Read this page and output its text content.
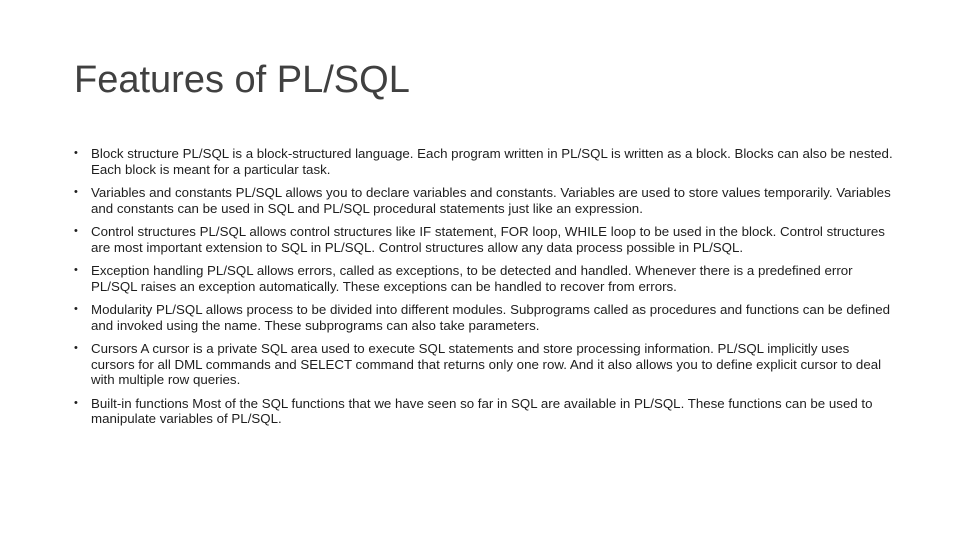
Features of PL/SQL
• Block structure PL/SQL is a block-structured language. Each program written in PL/SQL is written as a block. Blocks can also be nested. Each block is meant for a particular task.
• Variables and constants PL/SQL allows you to declare variables and constants. Variables are used to store values temporarily. Variables and constants can be used in SQL and PL/SQL procedural statements just like an expression.
• Control structures PL/SQL allows control structures like IF statement, FOR loop, WHILE loop to be used in the block. Control structures are most important extension to SQL in PL/SQL. Control structures allow any data process possible in PL/SQL.
• Exception handling PL/SQL allows errors, called as exceptions, to be detected and handled. Whenever there is a predefined error PL/SQL raises an exception automatically. These exceptions can be handled to recover from errors.
• Modularity PL/SQL allows process to be divided into different modules. Subprograms called as procedures and functions can be defined and invoked using the name. These subprograms can also take parameters.
• Cursors A cursor is a private SQL area used to execute SQL statements and store processing information. PL/SQL implicitly uses cursors for all DML commands and SELECT command that returns only one row. And it also allows you to define explicit cursor to deal with multiple row queries.
• Built-in functions Most of the SQL functions that we have seen so far in SQL are available in PL/SQL. These functions can be used to manipulate variables of PL/SQL.
